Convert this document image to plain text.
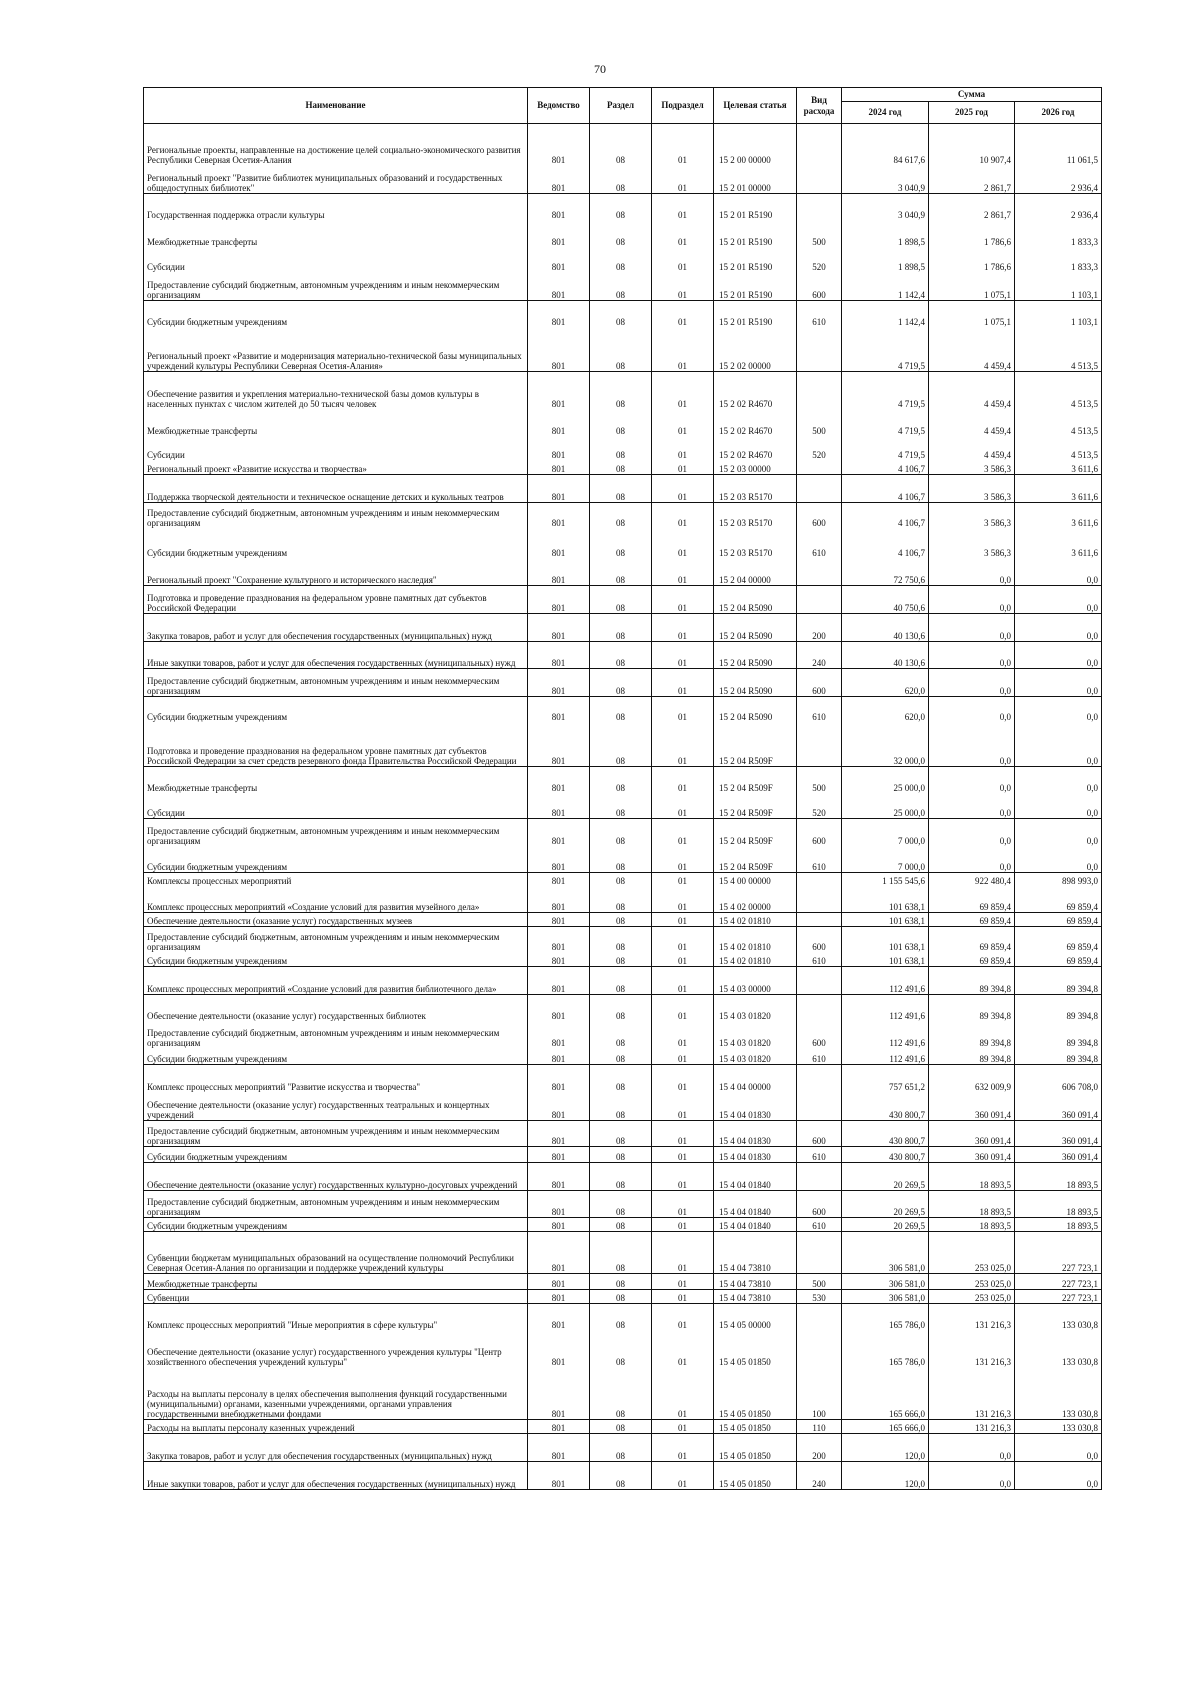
70
Наименование	Ведомство	Раздел	Подраздел	Целевая статья	Вид расхода	Сумма		
						2024 год	2025 год	2026 год
Региональные проекты, направленные на достижение целей социально-экономического развития Республики Северная Осетия-Алания	801	08	01	15 2 00 00000		84 617,6	10 907,4	11 061,5
Региональный проект "Развитие библиотек муниципальных образований и государственных общедоступных библиотек"	801	08	01	15 2 01 00000		3 040,9	2 861,7	2 936,4
Государственная поддержка отрасли культуры	801	08	01	15 2 01 R5190		3 040,9	2 861,7	2 936,4
Межбюджетные трансферты	801	08	01	15 2 01 R5190	500	1 898,5	1 786,6	1 833,3
Субсидии	801	08	01	15 2 01 R5190	520	1 898,5	1 786,6	1 833,3
Предоставление субсидий бюджетным, автономным учреждениям и иным некоммерческим организациям	801	08	01	15 2 01 R5190	600	1 142,4	1 075,1	1 103,1
Субсидии бюджетным учреждениям	801	08	01	15 2 01 R5190	610	1 142,4	1 075,1	1 103,1
Региональный проект «Развитие и модернизация материально-технической базы муниципальных учреждений культуры Республики Северная Осетия-Алания»	801	08	01	15 2 02 00000		4 719,5	4 459,4	4 513,5
Обеспечение развития и укрепления материально-технической базы домов культуры в населенных пунктах с числом жителей до 50 тысяч человек	801	08	01	15 2 02 R4670		4 719,5	4 459,4	4 513,5
Межбюджетные трансферты	801	08	01	15 2 02 R4670	500	4 719,5	4 459,4	4 513,5
Субсидии	801	08	01	15 2 02 R4670	520	4 719,5	4 459,4	4 513,5
Региональный проект «Развитие искусства и творчества»	801	08	01	15 2 03 00000		4 106,7	3 586,3	3 611,6
Поддержка творческой деятельности и техническое оснащение детских и кукольных театров	801	08	01	15 2 03 R5170		4 106,7	3 586,3	3 611,6
Предоставление субсидий бюджетным, автономным учреждениям и иным некоммерческим организациям	801	08	01	15 2 03 R5170	600	4 106,7	3 586,3	3 611,6
Субсидии бюджетным учреждениям	801	08	01	15 2 03 R5170	610	4 106,7	3 586,3	3 611,6
Региональный проект "Сохранение культурного и исторического наследия"	801	08	01	15 2 04 00000		72 750,6	0,0	0,0
Подготовка и проведение празднования на федеральном уровне памятных дат субъектов Российской Федерации	801	08	01	15 2 04 R5090		40 750,6	0,0	0,0
Закупка товаров, работ и услуг для обеспечения государственных (муниципальных) нужд	801	08	01	15 2 04 R5090	200	40 130,6	0,0	0,0
Иные закупки товаров, работ и услуг для обеспечения государственных (муниципальных) нужд	801	08	01	15 2 04 R5090	240	40 130,6	0,0	0,0
Предоставление субсидий бюджетным, автономным учреждениям и иным некоммерческим организациям	801	08	01	15 2 04 R5090	600	620,0	0,0	0,0
Субсидии бюджетным учреждениям	801	08	01	15 2 04 R5090	610	620,0	0,0	0,0
Подготовка и проведение празднования на федеральном уровне памятных дат субъектов Российской Федерации за счет средств резервного фонда Правительства Российской Федерации	801	08	01	15 2 04 R509F		32 000,0	0,0	0,0
Межбюджетные трансферты	801	08	01	15 2 04 R509F	500	25 000,0	0,0	0,0
Субсидии	801	08	01	15 2 04 R509F	520	25 000,0	0,0	0,0
Предоставление субсидий бюджетным, автономным учреждениям и иным некоммерческим организациям	801	08	01	15 2 04 R509F	600	7 000,0	0,0	0,0
Субсидии бюджетным учреждениям	801	08	01	15 2 04 R509F	610	7 000,0	0,0	0,0
Комплексы процессных мероприятий	801	08	01	15 4 00 00000		1 155 545,6	922 480,4	898 993,0
Комплекс процессных мероприятий «Создание условий для развития музейного дела»	801	08	01	15 4 02 00000		101 638,1	69 859,4	69 859,4
Обеспечение деятельности (оказание услуг) государственных музеев	801	08	01	15 4 02 01810		101 638,1	69 859,4	69 859,4
Предоставление субсидий бюджетным, автономным учреждениям и иным некоммерческим организациям	801	08	01	15 4 02 01810	600	101 638,1	69 859,4	69 859,4
Субсидии бюджетным учреждениям	801	08	01	15 4 02 01810	610	101 638,1	69 859,4	69 859,4
Комплекс процессных мероприятий «Создание условий для развития библиотечного дела»	801	08	01	15 4 03 00000		112 491,6	89 394,8	89 394,8
Обеспечение деятельности (оказание услуг) государственных библиотек	801	08	01	15 4 03 01820		112 491,6	89 394,8	89 394,8
Предоставление субсидий бюджетным, автономным учреждениям и иным некоммерческим организациям	801	08	01	15 4 03 01820	600	112 491,6	89 394,8	89 394,8
Субсидии бюджетным учреждениям	801	08	01	15 4 03 01820	610	112 491,6	89 394,8	89 394,8
Комплекс процессных мероприятий "Развитие искусства и творчества"	801	08	01	15 4 04 00000		757 651,2	632 009,9	606 708,0
Обеспечение деятельности (оказание услуг) государственных театральных и концертных учреждений	801	08	01	15 4 04 01830		430 800,7	360 091,4	360 091,4
Предоставление субсидий бюджетным, автономным учреждениям и иным некоммерческим организациям	801	08	01	15 4 04 01830	600	430 800,7	360 091,4	360 091,4
Субсидии бюджетным учреждениям	801	08	01	15 4 04 01830	610	430 800,7	360 091,4	360 091,4
Обеспечение деятельности (оказание услуг) государственных культурно-досуговых учреждений	801	08	01	15 4 04 01840		20 269,5	18 893,5	18 893,5
Предоставление субсидий бюджетным, автономным учреждениям и иным некоммерческим организациям	801	08	01	15 4 04 01840	600	20 269,5	18 893,5	18 893,5
Субсидии бюджетным учреждениям	801	08	01	15 4 04 01840	610	20 269,5	18 893,5	18 893,5
Субвенции бюджетам муниципальных образований на осуществление полномочий Республики Северная Осетия-Алания по организации и поддержке учреждений культуры	801	08	01	15 4 04 73810		306 581,0	253 025,0	227 723,1
Межбюджетные трансферты	801	08	01	15 4 04 73810	500	306 581,0	253 025,0	227 723,1
Субвенции	801	08	01	15 4 04 73810	530	306 581,0	253 025,0	227 723,1
Комплекс процессных мероприятий "Иные мероприятия в сфере культуры"	801	08	01	15 4 05 00000		165 786,0	131 216,3	133 030,8
Обеспечение деятельности (оказание услуг) государственного учреждения культуры "Центр хозяйственного обеспечения учреждений культуры"	801	08	01	15 4 05 01850		165 786,0	131 216,3	133 030,8
Расходы на выплаты персоналу в целях обеспечения выполнения функций государственными (муниципальными) органами, казенными учреждениями, органами управления государственными внебюджетными фондами	801	08	01	15 4 05 01850	100	165 666,0	131 216,3	133 030,8
Расходы на выплаты персоналу казенных учреждений	801	08	01	15 4 05 01850	110	165 666,0	131 216,3	133 030,8
Закупка товаров, работ и услуг для обеспечения государственных (муниципальных) нужд	801	08	01	15 4 05 01850	200	120,0	0,0	0,0
Иные закупки товаров, работ и услуг для обеспечения государственных (муниципальных) нужд	801	08	01	15 4 05 01850	240	120,0	0,0	0,0
